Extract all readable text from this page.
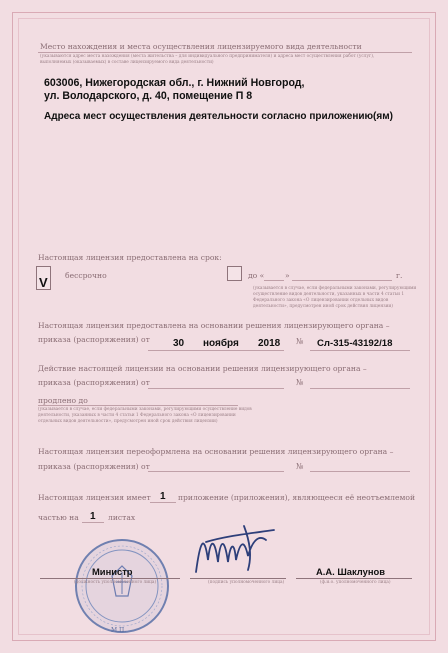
Место нахождения и места осуществления лицензируемого вида деятельности
(указываются адрес места нахождения (места жительства – для индивидуального предпринимателя) и адреса мест осуществления работ (услуг),
выполняемых (оказываемых) в составе лицензируемого вида деятельности)
603006, Нижегородская обл., г. Нижний Новгород,
ул. Володарского, д. 40, помещение П 8
Адреса мест осуществления деятельности согласно приложению(ям)
Настоящая лицензия предоставлена на срок:
V бессрочно	до «	»	г.
(указывается в случае, если федеральными законами, регулирующими
осуществление видов деятельности, указанных в части 4 статьи 1
Федерального закона «О лицензировании отдельных видов
деятельности», предусмотрен иной срок действия лицензии)
Настоящая лицензия предоставлена на основании решения лицензирующего органа –
приказа (распоряжения) от 30 ноября 2018 № Сл-315-43192/18
Действие настоящей лицензии на основании решения лицензирующего органа –
приказа (распоряжения) от	№
продлено до
(указывается в случае, если федеральными законами, регулирующими осуществление видов
деятельности, указанных в части 4 статьи 1 Федерального закона «О лицензировании
отдельных видов деятельности», предусмотрен иной срок действия лицензии)
Настоящая лицензия переоформлена на основании решения лицензирующего органа –
приказа (распоряжения) от	№
Настоящая лицензия имеет 1 приложение (приложения), являющееся её неотъемлемой
частью на 1 листах
М.П.
Министр
(должность уполномоченного лица)	(подпись уполномоченного лица)
А.А. Шаклунов
(ф.и.о. уполномоченного лица)
